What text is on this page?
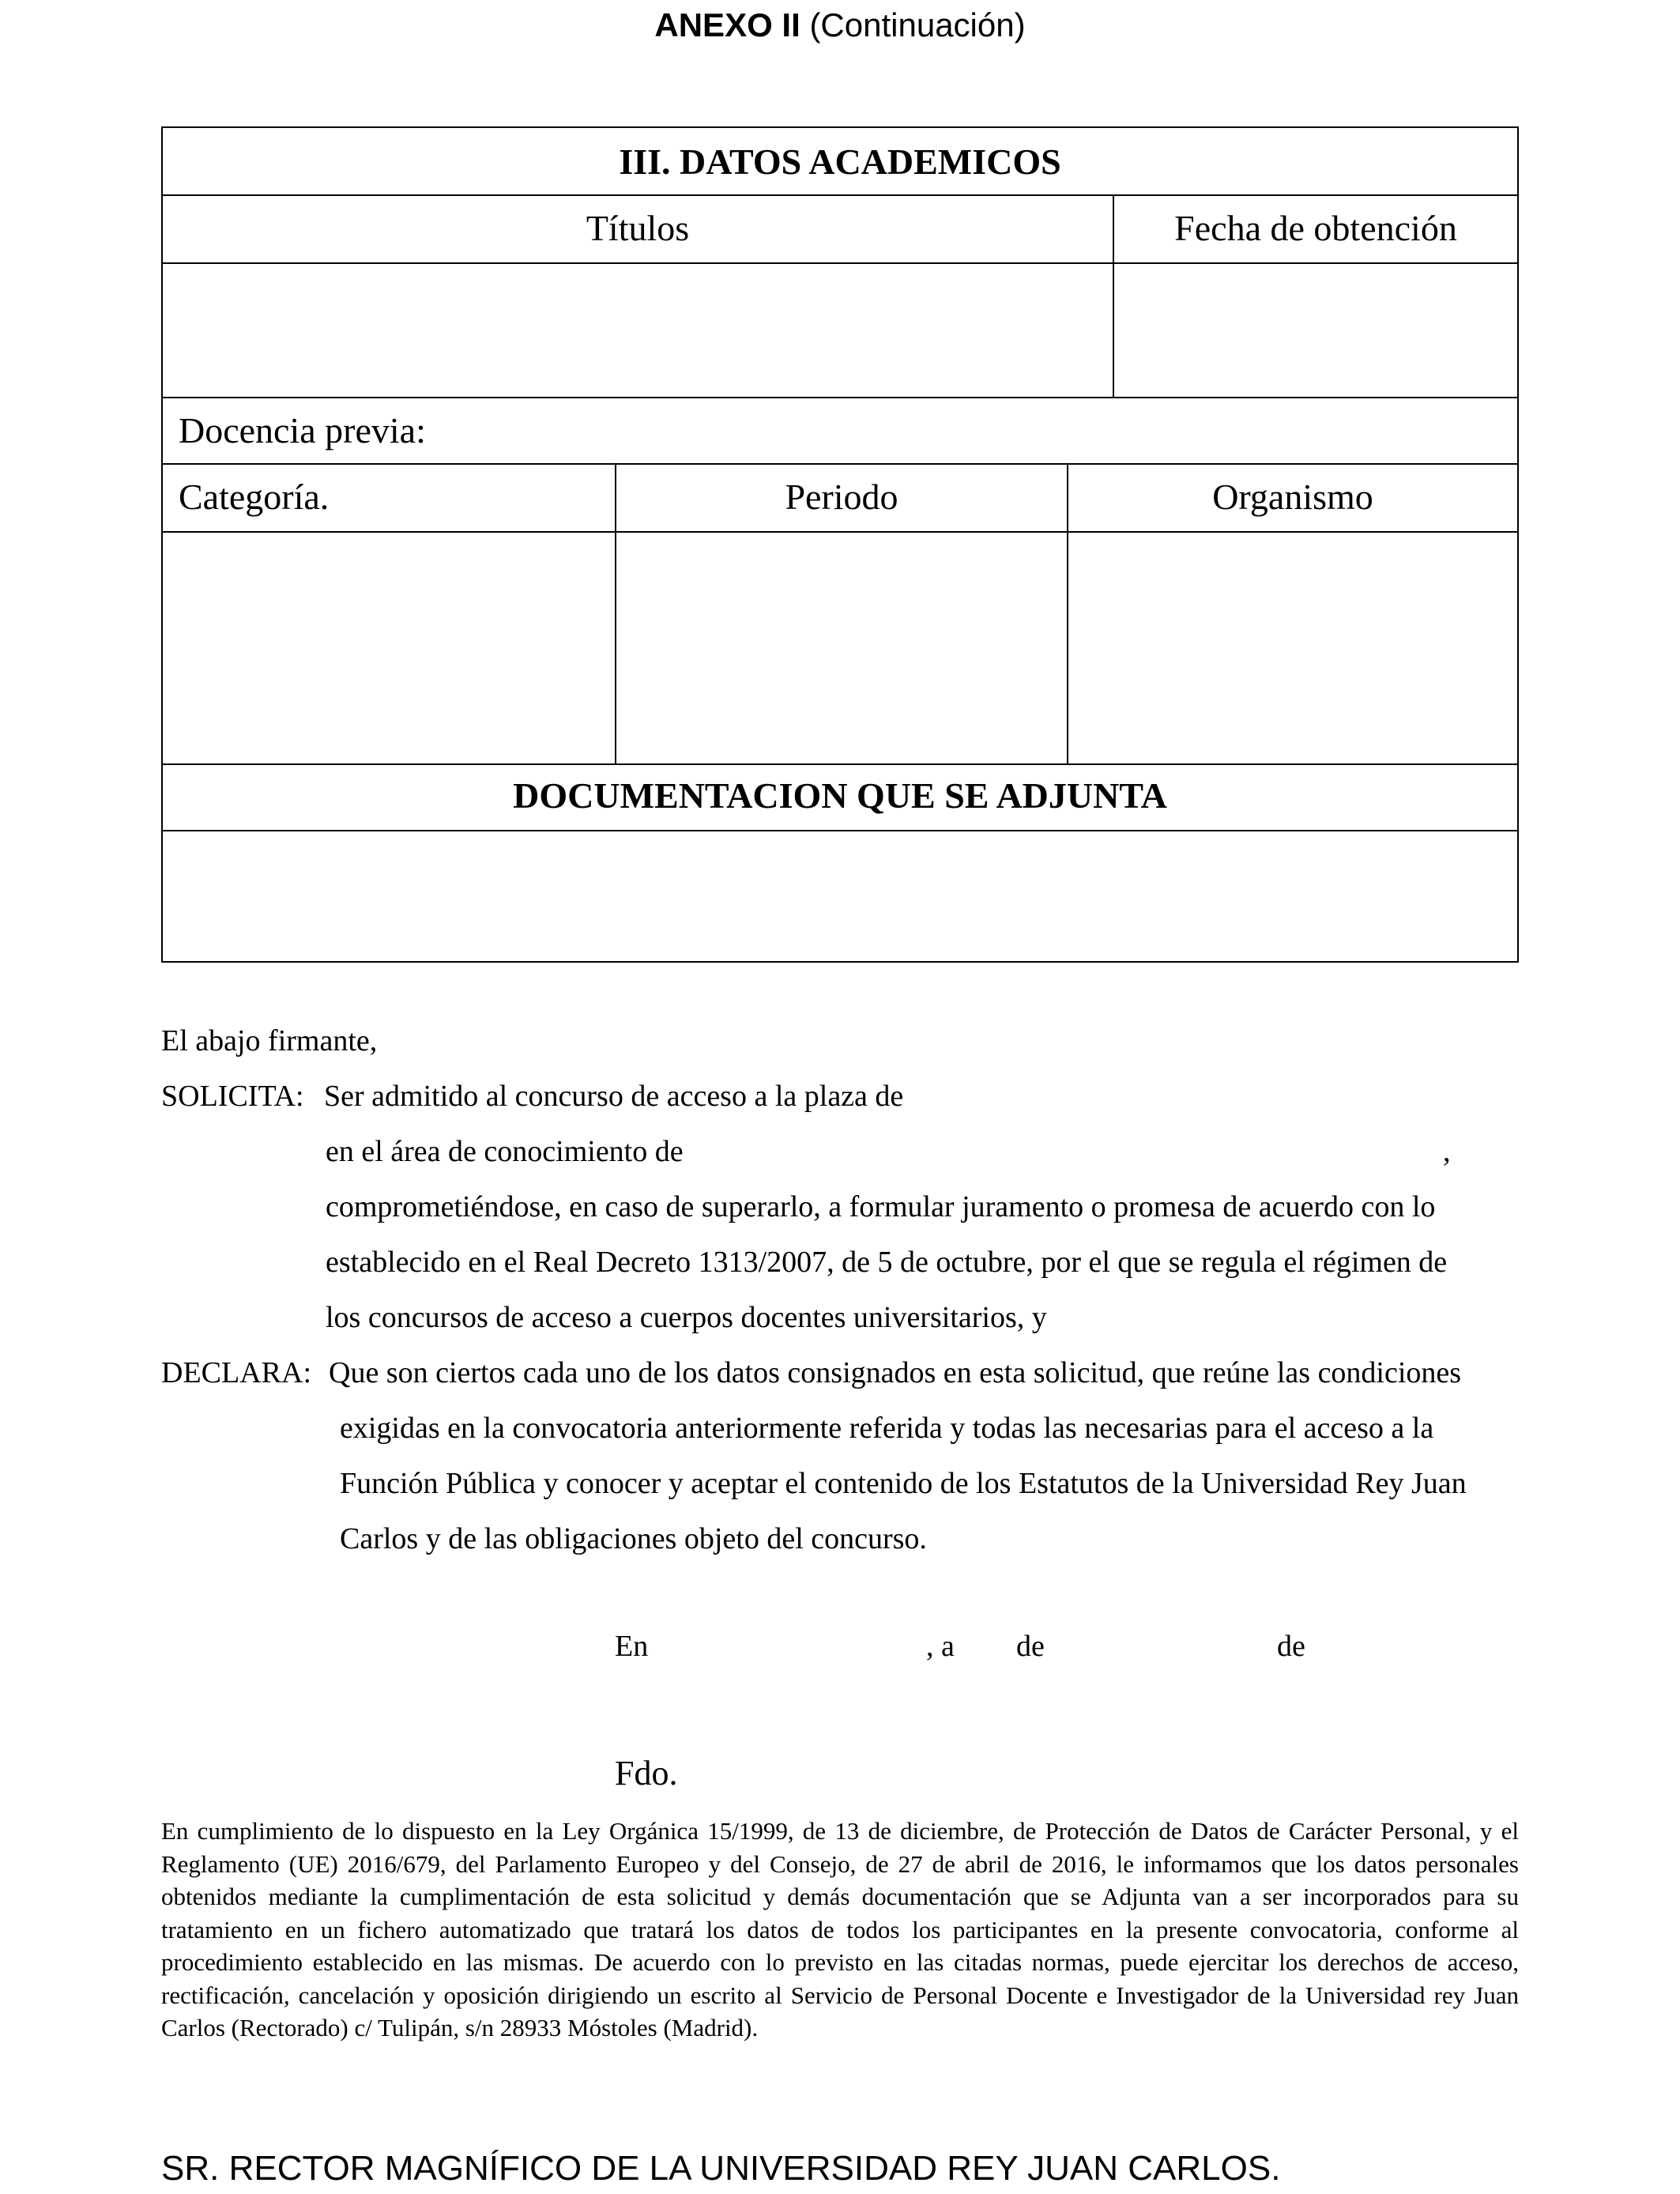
ANEXO II (Continuación)
III. DATOS ACADEMICOS
Títulos	Fecha de obtención
Docencia previa:
Categoría.	Periodo	Organismo
DOCUMENTACION QUE SE ADJUNTA
El abajo firmante,
SOLICITA: Ser admitido al concurso de acceso a la plaza de
en el área de conocimiento de	,
comprometiéndose, en caso de superarlo, a formular juramento o promesa de acuerdo con lo
establecido en el Real Decreto 1313/2007, de 5 de octubre, por el que se regula el régimen de
los concursos de acceso a cuerpos docentes universitarios, y
DECLARA: Que son ciertos cada uno de los datos consignados en esta solicitud, que reúne las condiciones
exigidas en la convocatoria anteriormente referida y todas las necesarias para el acceso a la
Función Pública y conocer y aceptar el contenido de los Estatutos de la Universidad Rey Juan
Carlos y de las obligaciones objeto del concurso.
En	, a de	de
Fdo.

En cumplimiento de lo dispuesto en la Ley Orgánica 15/1999, de 13 de diciembre, de Protección de Datos de Carácter Personal, y el Reglamento (UE) 2016/679, del Parlamento Europeo y del Consejo, de 27 de abril de 2016, le informamos que los datos personales obtenidos mediante la cumplimentación de esta solicitud y demás documentación que se Adjunta van a ser incorporados para su tratamiento en un fichero automatizado que tratará los datos de todos los participantes en la presente convocatoria, conforme al procedimiento establecido en las mismas. De acuerdo con lo previsto en las citadas normas, puede ejercitar los derechos de acceso, rectificación, cancelación y oposición dirigiendo un escrito al Servicio de Personal Docente e Investigador de la Universidad rey Juan Carlos (Rectorado) c/ Tulipán, s/n 28933 Móstoles (Madrid).

SR. RECTOR MAGNÍFICO DE LA UNIVERSIDAD REY JUAN CARLOS.
